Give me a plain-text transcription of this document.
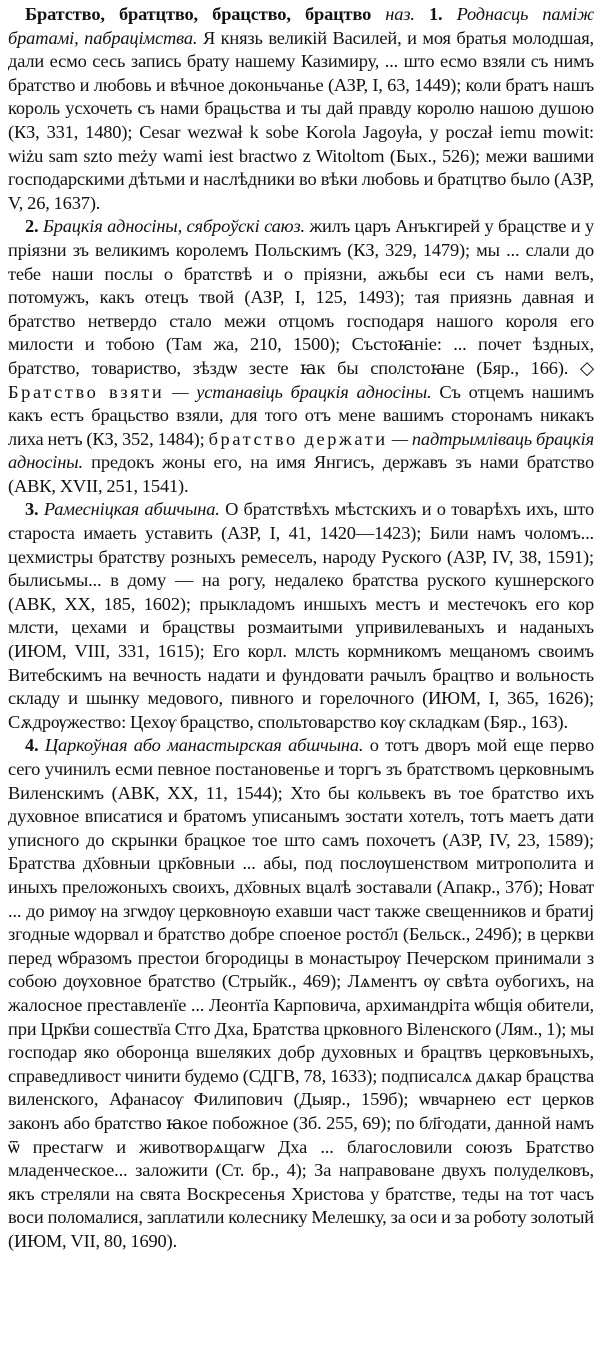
Братство, братцтво, брацство, брацтво наз. 1. Роднасць паміж братамі, пабрацімства. Я князь великій Василей, и моя братья молодшая, дали есмо сесь запись брату нашему Казимиру, ... што есмо взяли съ нимъ братство и любовь и вѣчное доконьчанье (АЗР, I, 63, 1449); коли братъ нашъ король усхочеть съ нами брацьства и ты дай правду королю нашою душою (КЗ, 331, 1480); Cesar wezwał k sobe Korola Jagoyła, y poczał iemu mowit: wiżu sam szto meży wami iest bractwo z Witoltom (Бых., 526); межи вашими господарскими дѣтьми и наслѣдники во вѣки любовь и братцтво было (АЗР, V, 26, 1637).

2. Брацкія адносіны, сяброўскі саюз. жилъ царъ Анъкгирей у брацстве и у прiязни зъ великимъ королемъ Польскимъ (КЗ, 329, 1479); мы ... слали до тебе наши послы о братствѣ и о прiязни, ажьбы еси съ нами велъ, потомужъ, какъ отецъ твой (АЗР, I, 125, 1493); тая приязнь давная и братство нетвердо стало межи отцомъ господаря нашого короля его милости и тобою (Там жа, 210, 1500); Състоꙗніе: ... почет ѣздных, братство, товариство, зѣздѡ зесте ꙗк бы сполстоꙗне (Бяр., 166). ◇ Братство взяти — устанавіць брацкія адносіны. Съ отцемъ нашимъ какъ естъ брацьство взяли, для того отъ мене вашимъ сторонамъ никакъ лиха нетъ (КЗ, 352, 1484); братство держати — падтрымліваць брацкія адносіны. предокъ жоны его, на имя Янгисъ, державъ зъ нами братство (АВК, XVII, 251, 1541).

3. Рамесніцкая абшчына. О братствѣхъ мѣстскихъ и о товарѣхъ ихъ, што староста имаеть уставить (АЗР, I, 41, 1420—1423); Били намъ чоломъ... цехмистры братству розныхъ ремеселъ, народу Руского (АЗР, IV, 38, 1591); былисьмы... в дому — на рогу, недалеко братства руского кушнерского (АВК, XX, 185, 1602); прыкладомъ иншыхъ местъ и местечокъ его кор млсти, цехами и брацствы розмаитыми упривилеваныхъ и наданыхъ (ИЮМ, VIII, 331, 1615); Его корл. млсть кормникомъ мещаномъ своимъ Витебскимъ на вечность надати и фундовати рачылъ брацтво и вольность складу и шынку медового, пивного и горелочного (ИЮМ, I, 365, 1626); Сѫдрѹжество: Цехѹ брацство, спольтоварство кѹ складкам (Бяр., 163).

4. Царкоўная або манастырская абшчына. о тотъ дворъ мой еще перво сего учинилъ есми певное постановенье и торгъ зъ братствомъ церковнымъ Виленскимъ (АВК, XX, 11, 1544); Хто бы кольвекъ въ тое братство ихъ духовное вписатися и братомъ уписанымъ зостати хотелъ, тотъ маетъ дати уписного до скрынки брацкое тое што самъ похочетъ (АЗР, IV, 23, 1589); Братства дх҃овныи црк҃овныи ... абы, под послѹшенством митрополита и иныхъ преложоныхъ своихъ, дх҃овных вцалѣ зоставали (Апакр., 37б); Новат ... до римѹ на згѡдѹ церковнѹю ехавши част также свещенников и братиј згодные ѡдорвал и братство добре споеное росто҃л (Бельск., 249б); в церкви перед ѡбразомъ престои бгородицы в монастырѹ Печерском принимали з собою дѹховное братство (Стрыйк., 469); Лѧментъ ѹ свѣта оубогихъ, на жалосное преставленїе ... Леонтїа Карповича, архимандріта ѡбщія обители, при Црк҃ви сошествїа Стго Дха, Братства црковного Віленского (Лям., 1); мы господар яко оборонца вшеляких добр духовных и брацтвъ церковъныхъ, справедливост чинити будемо (СДГВ, 78, 1633); подписалсѧ дѧкар брацства виленского, Афанасѹ Филипович (Дыяр., 159б); ѡвчарнею ест церков законъ або братство ꙗкое побожное (Зб. 255, 69); по бл҃годати, данной намъ ѿ престагѡ и животворѧщагѡ Дха ... благословили союзъ Братство младенческое... заложити (Ст. бр., 4); За направоване двухъ полуделковъ, якъ стреляли на свята Воскресенья Христова у братстве, теды на тот часъ воси поломалися, заплатили колеснику Мелешку, за оси и за роботу золотый (ИЮМ, VII, 80, 1690).
